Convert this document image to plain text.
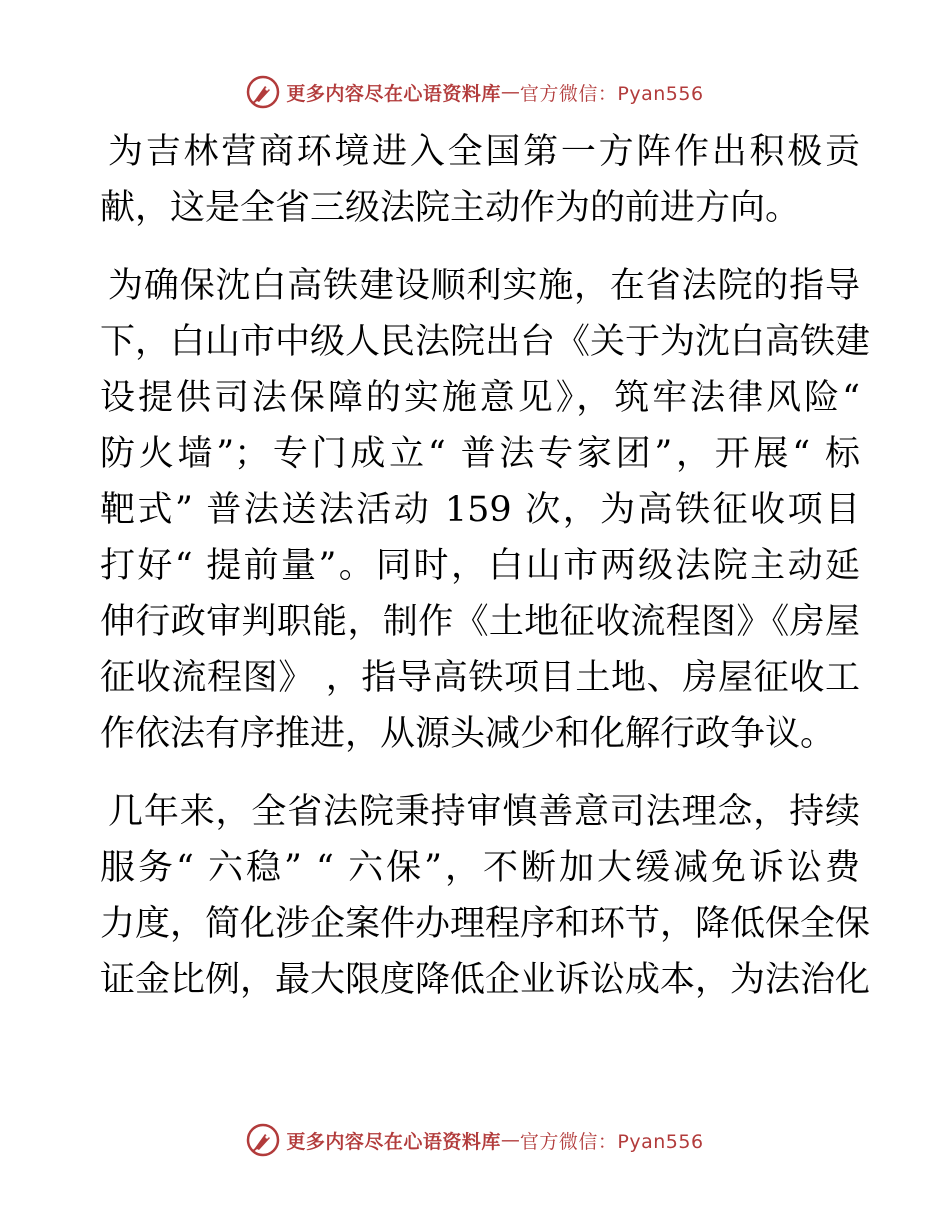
更多内容尽在心语资料库 — 官方微信：Pyan556
为吉林营商环境进入全国第一方阵作出积极贡
献，这是全省三级法院主动作为的前进方向。
为确保沈白高铁建设顺利实施，在省法院的指导
下，白山市中级人民法院出台《关于为沈白高铁建
设提供司法保障的实施意见》，筑牢法律风险“
防火墙”；专门成立“ 普法专家团”，开展“ 标
靶式” 普法送法活动 159 次，为高铁征收项目
打好“ 提前量”。同时，白山市两级法院主动延
伸行政审判职能，制作《土地征收流程图》《房屋
征收流程图》 ，指导高铁项目土地、房屋征收工
作依法有序推进，从源头减少和化解行政争议。
几年来，全省法院秉持审慎善意司法理念，持续
服务“ 六稳” “ 六保”，不断加大缓减免诉讼费
力度，简化涉企案件办理程序和环节，降低保全保
证金比例，最大限度降低企业诉讼成本，为法治化
更多内容尽在心语资料库 — 官方微信：Pyan556
